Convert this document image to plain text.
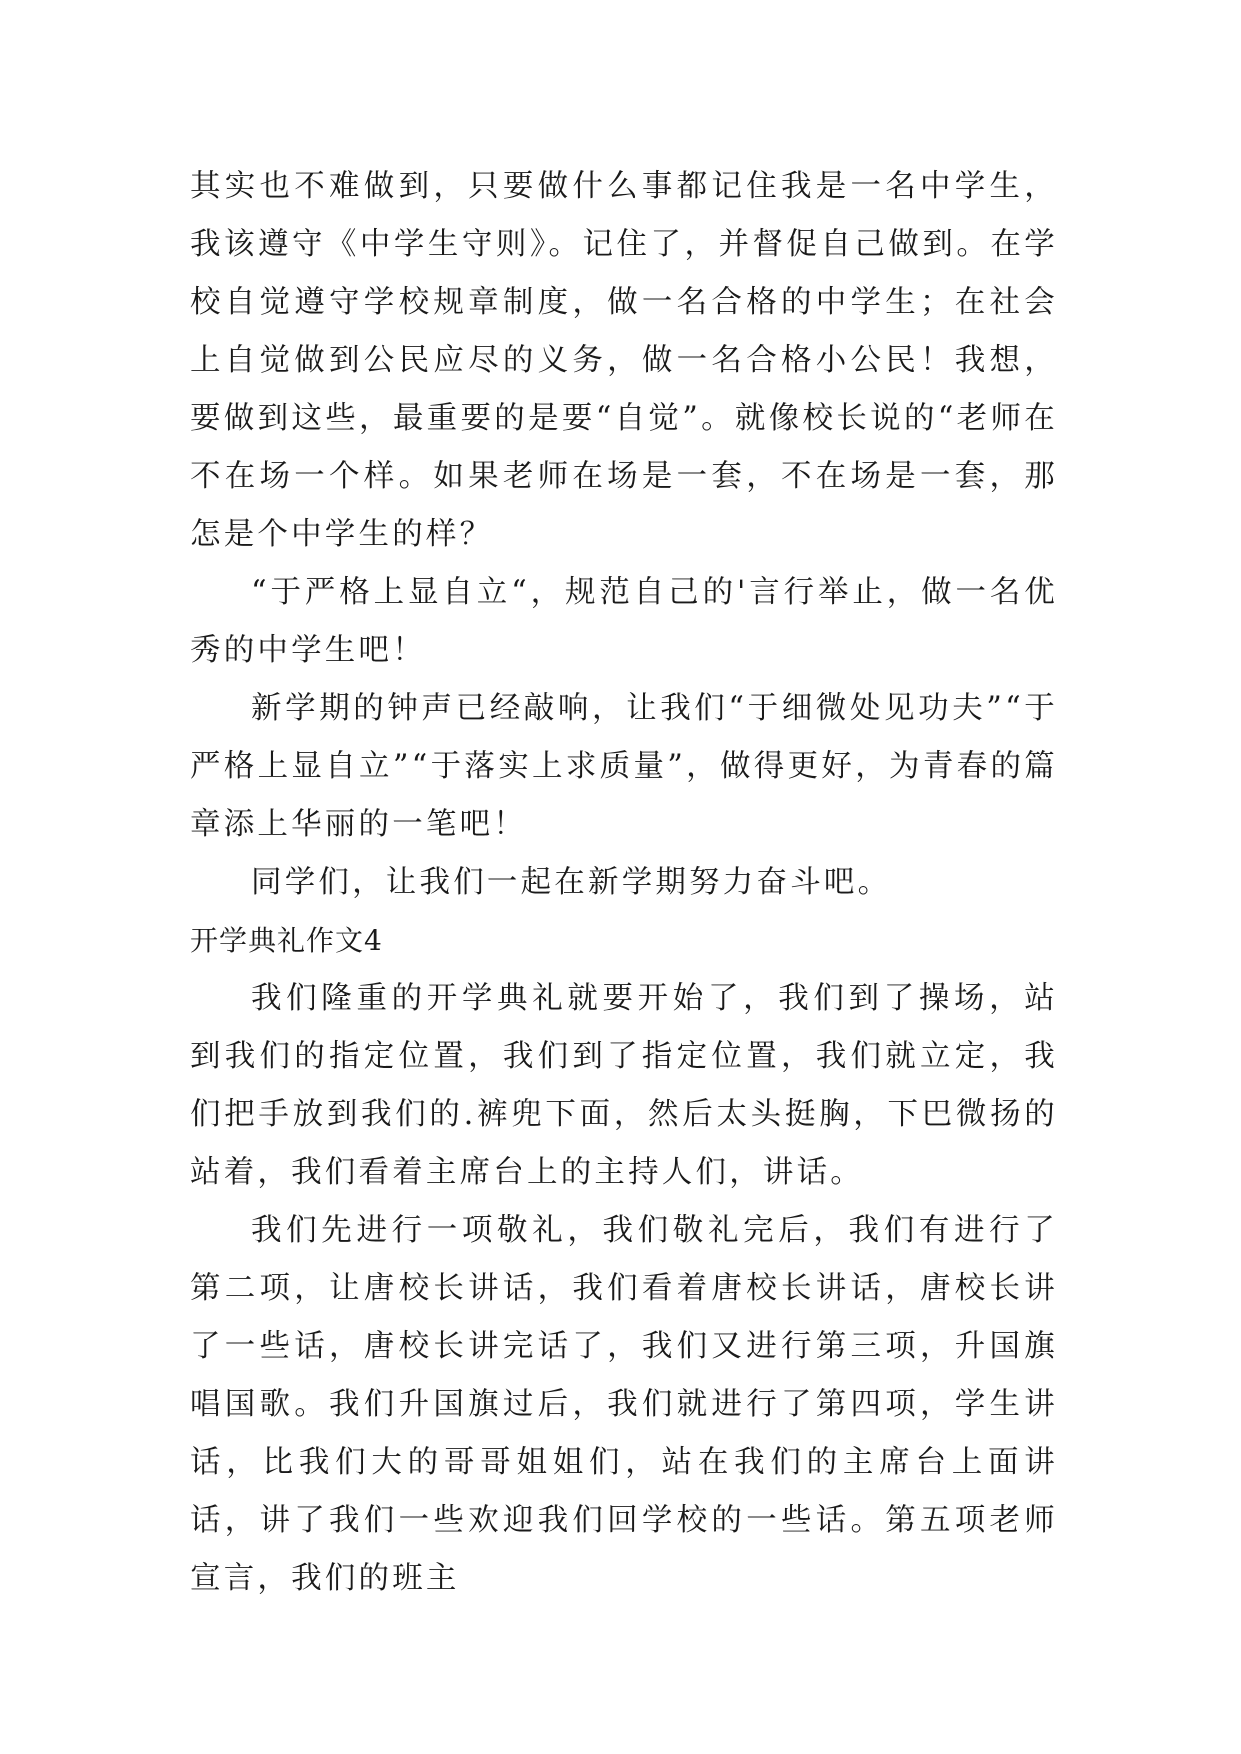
其实也不难做到，只要做什么事都记住我是一名中学生，我该遵守《中学生守则》。记住了，并督促自己做到。在学校自觉遵守学校规章制度，做一名合格的中学生；在社会上自觉做到公民应尽的义务，做一名合格小公民！我想，要做到这些，最重要的是要“自觉”。就像校长说的“老师在不在场一个样。如果老师在场是一套，不在场是一套，那怎是个中学生的样？

“于严格上显自立“，规范自己的'言行举止，做一名优秀的中学生吧！

新学期的钟声已经敲响，让我们“于细微处见功夫”“于严格上显自立”“于落实上求质量”，做得更好，为青春的篇章添上华丽的一笔吧！

同学们，让我们一起在新学期努力奋斗吧。

开学典礼作文4

我们隆重的开学典礼就要开始了，我们到了操场，站到我们的指定位置，我们到了指定位置，我们就立定，我们把手放到我们的.裤兜下面，然后太头挺胸，下巴微扬的站着，我们看着主席台上的主持人们，讲话。

我们先进行一项敬礼，我们敬礼完后，我们有进行了第二项，让唐校长讲话，我们看着唐校长讲话，唐校长讲了一些话，唐校长讲完话了，我们又进行第三项，升国旗唱国歌。我们升国旗过后，我们就进行了第四项，学生讲话，比我们大的哥哥姐姐们，站在我们的主席台上面讲话，讲了我们一些欢迎我们回学校的一些话。第五项老师宣言，我们的班主
